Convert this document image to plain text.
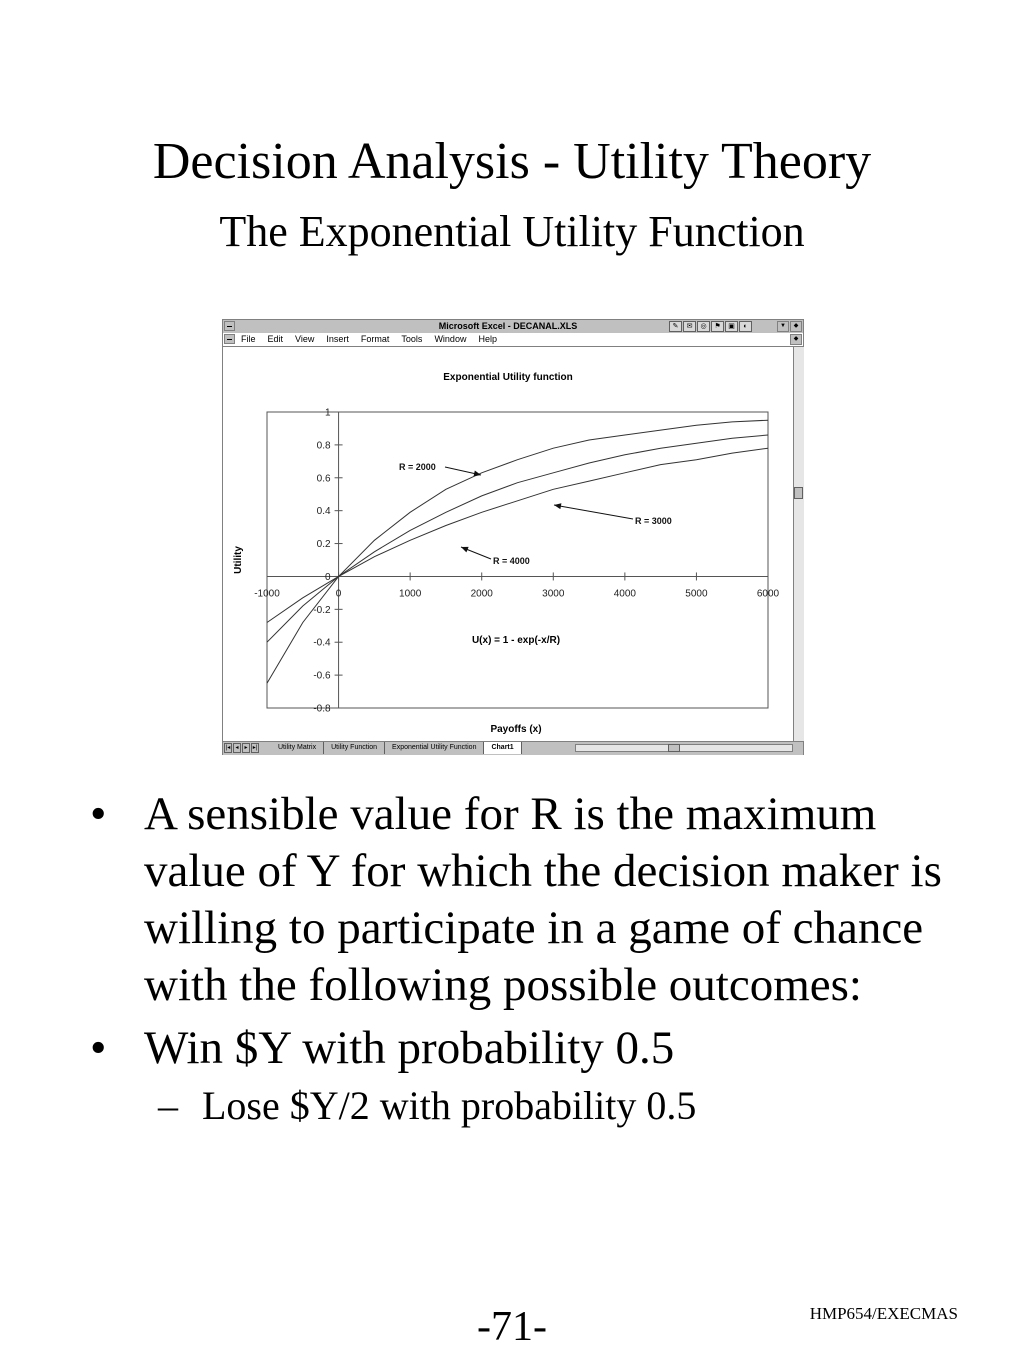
Decision Analysis - Utility Theory
The Exponential Utility Function
Microsoft Excel - DECANAL.XLS	✎	✉	◎	⚑	▣	◐	▼	◆
File Edit View Insert Format Tools Window Help	◆
Exponential Utility function
1
0.8
0.6
0.4
0.2
0
-0.2
-0.4
-0.6
-0.8
-1000	0	1000	2000	3000	4000	5000	6000
R = 2000
R = 3000
R = 4000
Utility
Payoffs (x)
U(x) = 1 - exp(-x/R)
|◂ ◂ ▸ ▸|	Utility Matrix	Utility Function	Exponential Utility Function	Chart1
• A sensible value for R is the maximum value of Y for which the decision maker is willing to participate in a game of chance with the following possible outcomes:
• Win $Y with probability 0.5
– Lose $Y/2 with probability 0.5
-71-	HMP654/EXECMAS
